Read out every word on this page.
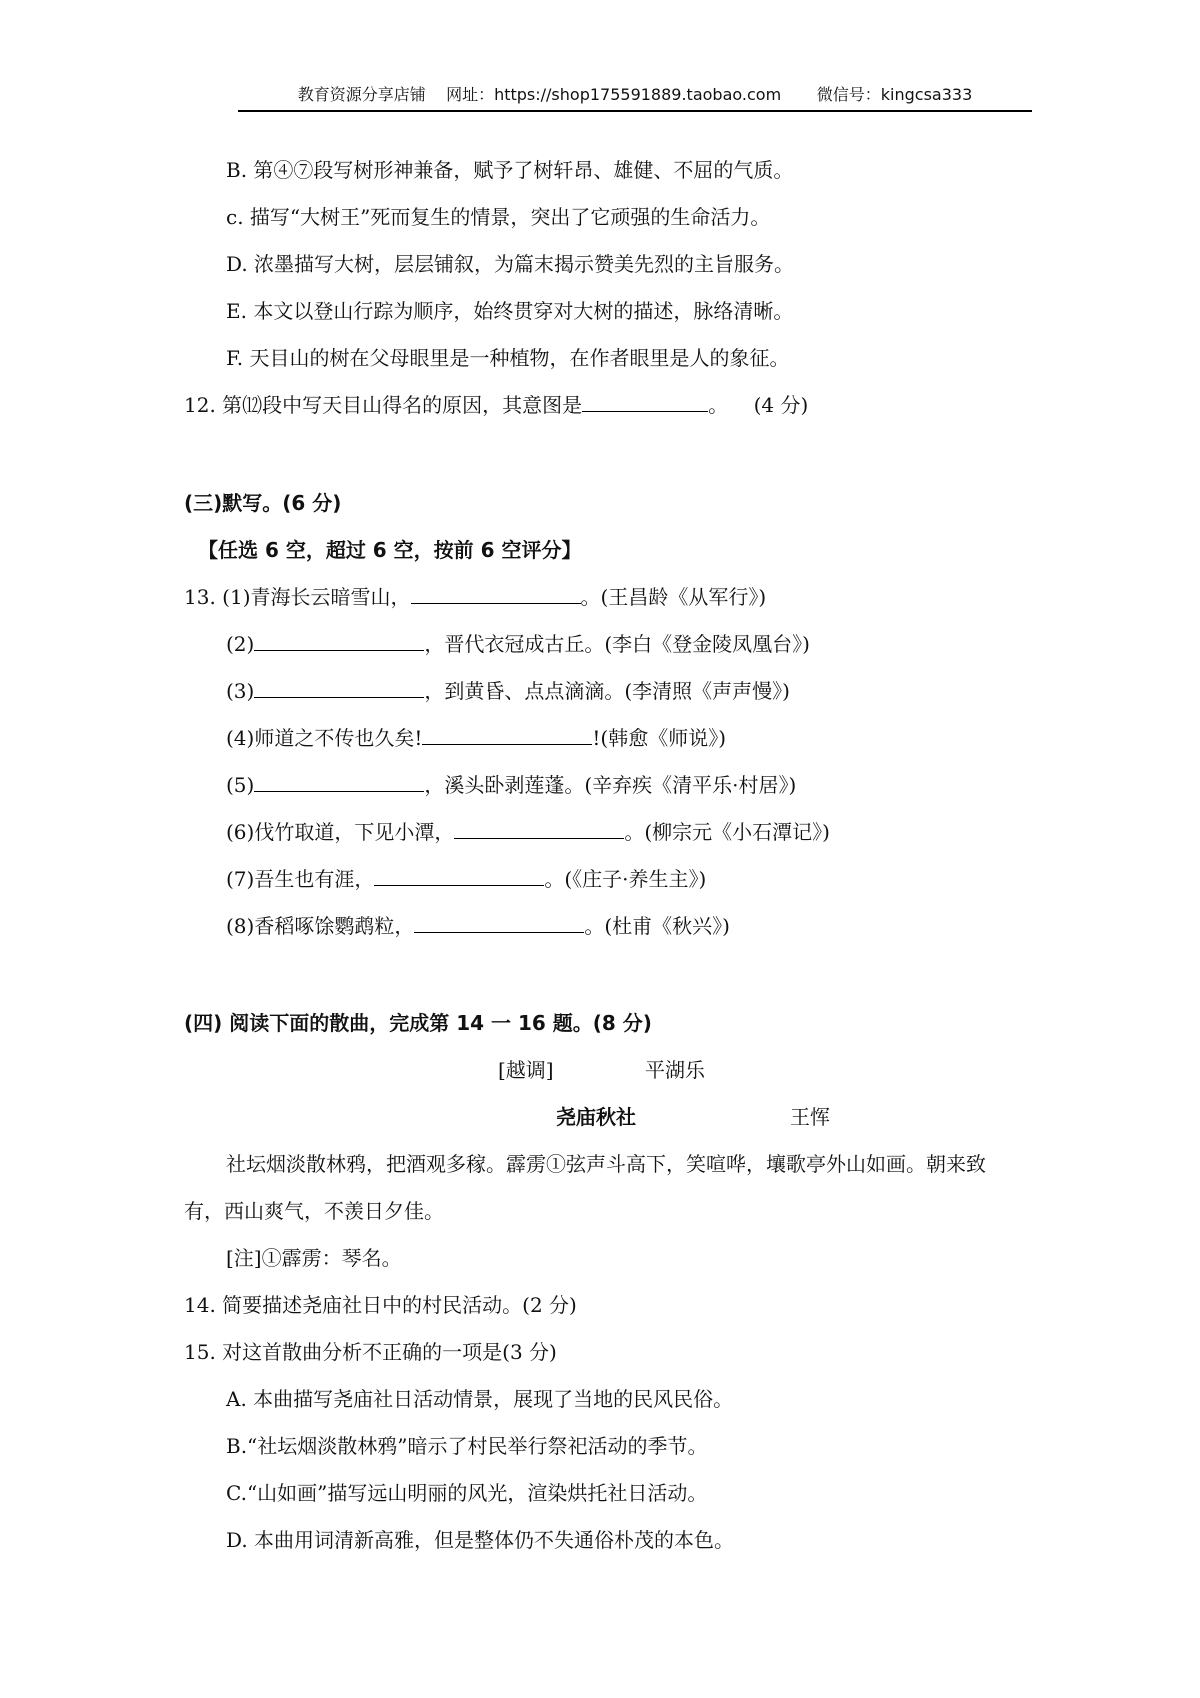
教育资源分享店铺 网址：https://shop175591889.taobao.com 微信号：kingcsa333
B. 第④⑦段写树形神兼备，赋予了树轩昂、雄健、不屈的气质。
c. 描写“大树王”死而复生的情景，突出了它顽强的生命活力。
D. 浓墨描写大树，层层铺叙，为篇末揭示赞美先烈的主旨服务。
E. 本文以登山行踪为顺序，始终贯穿对大树的描述，脉络清晰。
F. 天目山的树在父母眼里是一种植物，在作者眼里是人的象征。
12. 第⑿段中写天目山得名的原因，其意图是	。 (4 分)
(三)默写。(6 分)
【任选 6 空，超过 6 空，按前 6 空评分】
13. (1)青海长云暗雪山，	。(王昌龄《从军行》)
(2)	，晋代衣冠成古丘。(李白《登金陵凤凰台》)
(3)	，到黄昏、点点滴滴。(李清照《声声慢》)
(4)师道之不传也久矣!	!(韩愈《师说》)
(5)	，溪头卧剥莲蓬。(辛弃疾《清平乐·村居》)
(6)伐竹取道，下见小潭，	。(柳宗元《小石潭记》)
(7)吾生也有涯，	。(《庄子·养生主》)
(8)香稻啄馀鹦鹉粒，	。(杜甫《秋兴》)
(四) 阅读下面的散曲，完成第 14 一 16 题。(8 分)
[越调]	平湖乐
尧庙秋社	王恽
社坛烟淡散林鸦，把酒观多稼。霹雳①弦声斗高下，笑喧哗，壤歌亭外山如画。朝来致
有，西山爽气，不羡日夕佳。
[注]①霹雳：琴名。
14. 简要描述尧庙社日中的村民活动。(2 分)
15. 对这首散曲分析不正确的一项是(3 分)
A. 本曲描写尧庙社日活动情景，展现了当地的民风民俗。
B.“社坛烟淡散林鸦”暗示了村民举行祭祀活动的季节。
C.“山如画”描写远山明丽的风光，渲染烘托社日活动。
D. 本曲用词清新高雅，但是整体仍不失通俗朴茂的本色。
